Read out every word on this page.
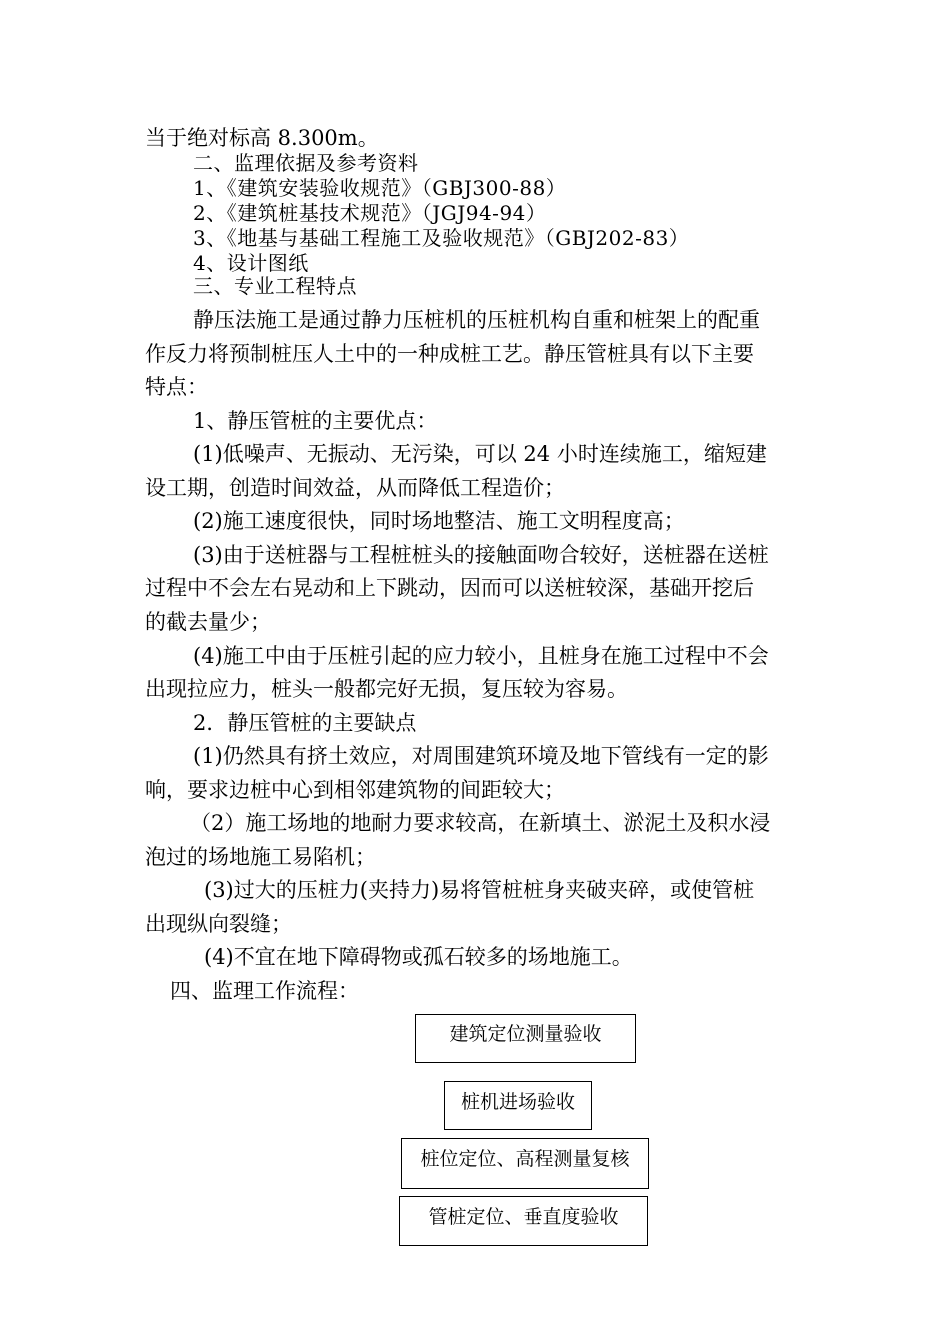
当于绝对标高 8.300m。
二、监理依据及参考资料
1、《建筑安装验收规范》（GBJ300-88）
2、《建筑桩基技术规范》（JGJ94-94）
3、《地基与基础工程施工及验收规范》（GBJ202-83）
4、设计图纸
三、专业工程特点
静压法施工是通过静力压桩机的压桩机构自重和桩架上的配重
作反力将预制桩压人土中的一种成桩工艺。静压管桩具有以下主要
特点：
1、静压管桩的主要优点：
(1)低噪声、无振动、无污染，可以 24 小时连续施工，缩短建
设工期，创造时间效益，从而降低工程造价；
(2)施工速度很快，同时场地整洁、施工文明程度高；
(3)由于送桩器与工程桩桩头的接触面吻合较好，送桩器在送桩
过程中不会左右晃动和上下跳动，因而可以送桩较深，基础开挖后
的截去量少；
(4)施工中由于压桩引起的应力较小，且桩身在施工过程中不会
出现拉应力，桩头一般都完好无损，复压较为容易。
2．静压管桩的主要缺点
(1)仍然具有挤土效应，对周围建筑环境及地下管线有一定的影
响，要求边桩中心到相邻建筑物的间距较大；
（2）施工场地的地耐力要求较高，在新填土、淤泥土及积水浸
泡过的场地施工易陷机；
(3)过大的压桩力(夹持力)易将管桩桩身夹破夹碎，或使管桩
出现纵向裂缝；
(4)不宜在地下障碍物或孤石较多的场地施工。
四、监理工作流程：
建筑定位测量验收
桩机进场验收
桩位定位、高程测量复核
管桩定位、垂直度验收
